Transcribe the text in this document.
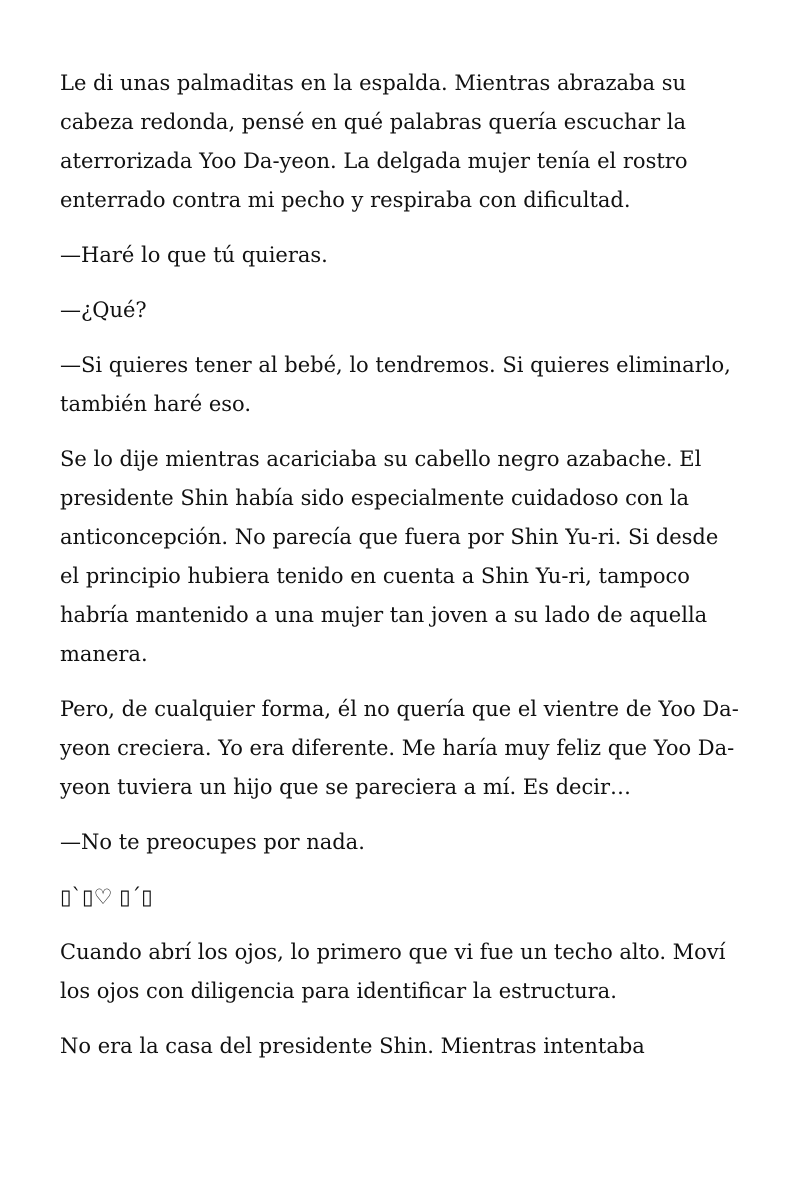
Le di unas palmaditas en la espalda. Mientras abrazaba su cabeza redonda, pensé en qué palabras quería escuchar la aterrorizada Yoo Da-yeon. La delgada mujer tenía el rostro enterrado contra mi pecho y respiraba con dificultad.

—Haré lo que tú quieras.

—¿Qué?

—Si quieres tener al bebé, lo tendremos. Si quieres eliminarlo, también haré eso.

Se lo dije mientras acariciaba su cabello negro azabache. El presidente Shin había sido especialmente cuidadoso con la anticoncepción. No parecía que fuera por Shin Yu-ri. Si desde el principio hubiera tenido en cuenta a Shin Yu-ri, tampoco habría mantenido a una mujer tan joven a su lado de aquella manera.

Pero, de cualquier forma, él no quería que el vientre de Yoo Da-yeon creciera. Yo era diferente. Me haría muy feliz que Yoo Da-yeon tuviera un hijo que se pareciera a mí. Es decir…

—No te preocupes por nada.

▯`▯♡ ▯´▯

Cuando abrí los ojos, lo primero que vi fue un techo alto. Moví los ojos con diligencia para identificar la estructura.

No era la casa del presidente Shin. Mientras intentaba
